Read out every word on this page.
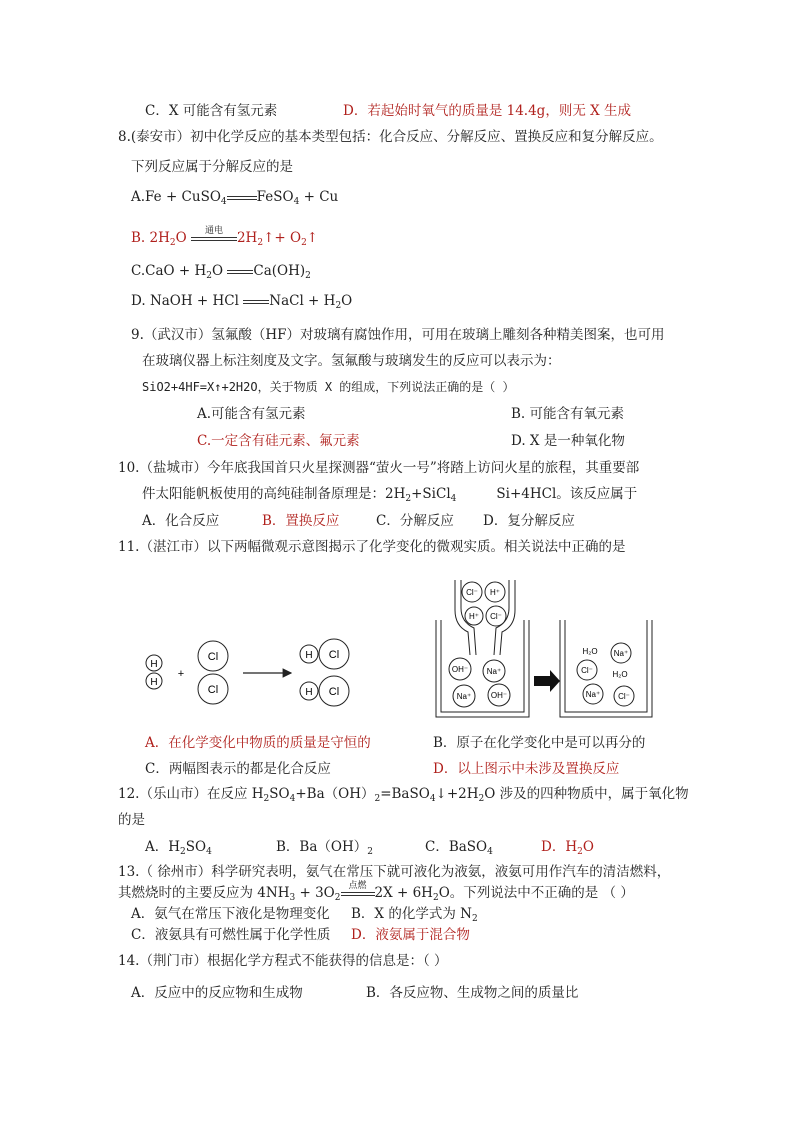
C．X 可能含有氢元素	D．若起始时氧气的质量是 14.4g，则无 X 生成
8.(泰安市）初中化学反应的基本类型包括：化合反应、分解反应、置换反应和复分解反应。
下列反应属于分解反应的是
A.Fe + CuSO$_4$ FeSO$_4$ + Cu
B. $2H_2O$	通电	$2H_2↑+$ $O_2↑$
$C.CaO + H_2O$ $Ca(OH)_2$
D. NaOH + HCl NaCl + $H_2O$
9.（武汉市）氢氟酸（HF）对玻璃有腐蚀作用，可用在玻璃上雕刻各种精美图案，也可用
在玻璃仪器上标注刻度及文字。氢氟酸与玻璃发生的反应可以表示为：
SiO2+4HF=X↑+2H2O，关于物质 X 的组成，下列说法正确的是（ ）
A.可能含有氢元素	B. 可能含有氧元素
C.一定含有硅元素、氟元素	D. X 是一种氧化物
10.（盐城市）今年底我国首只火星探测器“萤火一号”将踏上访问火星的旅程，其重要部
件太阳能帆板使用的高纯硅制备原理是：$2H_2+SiCl_4$	Si+4HCl。该反应属于
A．化合反应	B．置换反应	C．分解反应 D．复分解反应
11.（湛江市）以下两幅微观示意图揭示了化学变化的微观实质。相关说法中正确的是
H
H
+
Cl
Cl
H Cl
H Cl
Cl⁻ H⁺
H⁺ Cl⁻
OH⁻ Na⁺
Na⁺ OH⁻
H₂O Na⁺
Cl⁻ H₂O
Na⁺ Cl⁻
A．在化学变化中物质的质量是守恒的	B．原子在化学变化中是可以再分的
C．两幅图表示的都是化合反应	D．以上图示中未涉及置换反应
12.（乐山市）在反应 $H_2SO_4+Ba(OH)_2=BaSO_4↓+2H_2O$ 涉及的四种物质中，属于氧化物
的是
A．$H_2SO_4$	B．$Ba(OH)_2$	C．BaSO$_4$	D．$H_2O$
13.（ 徐州市）科学研究表明，氨气在常压下就可液化为液氨，液氨可用作汽车的清洁燃料，
其燃烧时的主要反应为 $4NH_3 + 3O_2$
点燃 $2X + 6H_2O$。下列说法中不正确的是 （ ）
A．氨气在常压下液化是物理变化 B．X 的化学式为 $N_2$
C．液氨具有可燃性属于化学性质 D．液氨属于混合物
14.（荆门市）根据化学方程式不能获得的信息是：（ ）
A．反应中的反应物和生成物	B．各反应物、生成物之间的质量比
